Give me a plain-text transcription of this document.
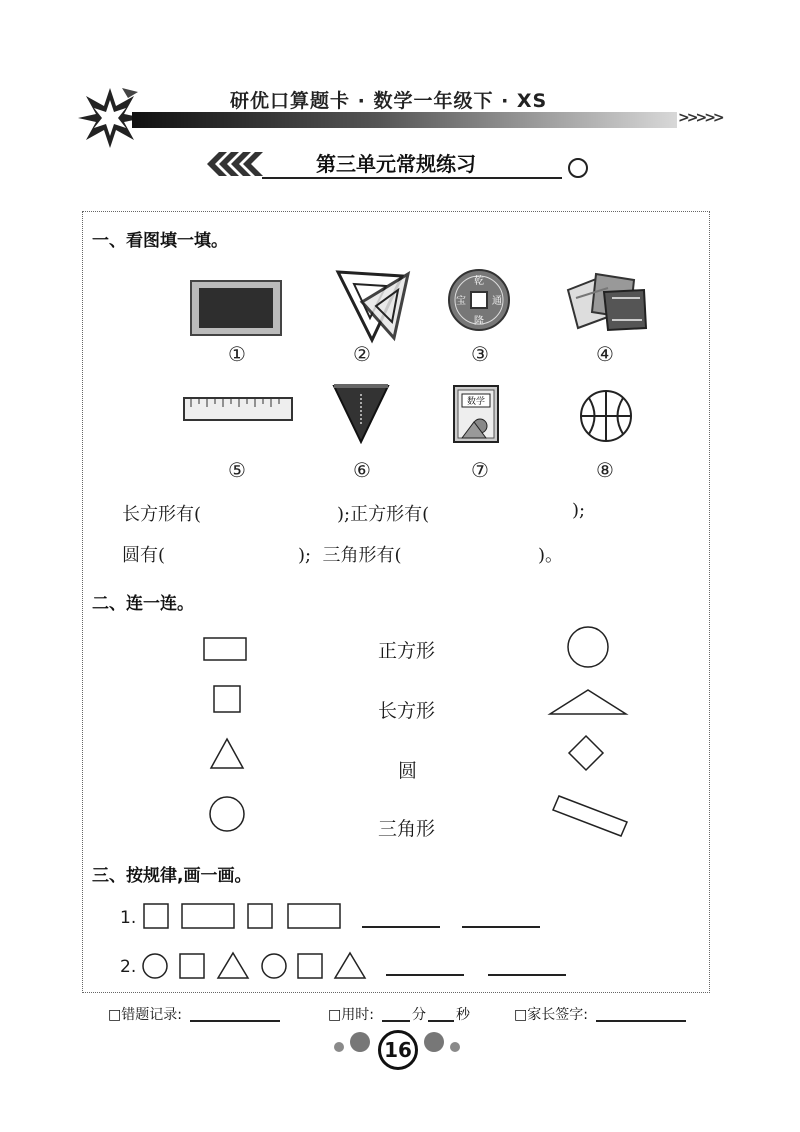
研优口算题卡 · 数学一年级下 · XS
>>>>>
第三单元常规练习
一、看图填一填。
乾
宝	通
隆
①	②	③	④
数学
⑤	⑥	⑦	⑧
长方形有(	);正方形有(	);
圆有(	);  三角形有(	)。
二、连一连。
正方形
长方形
圆
三角形
三、按规律,画一画。
1.
2.
□错题记录:	□用时:	分 秒	□家长签字:
16
